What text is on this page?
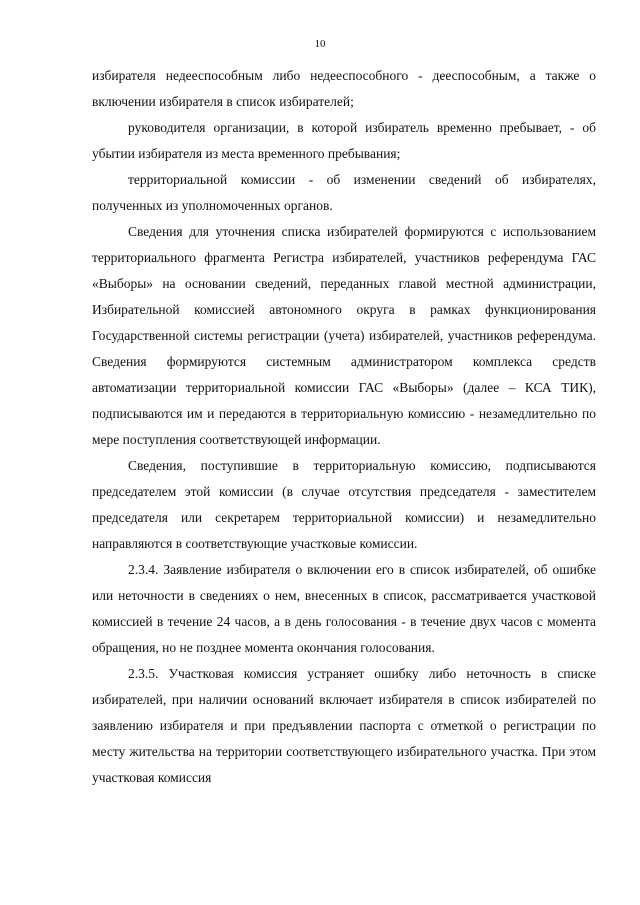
10

избирателя недееспособным либо недееспособного - дееспособным, а также о включении избирателя в список избирателей;

руководителя организации, в которой избиратель временно пребывает, - об убытии избирателя из места временного пребывания;

территориальной комиссии - об изменении сведений об избирателях, полученных из уполномоченных органов.

Сведения для уточнения списка избирателей формируются с использованием территориального фрагмента Регистра избирателей, участников референдума ГАС «Выборы» на основании сведений, переданных главой местной администрации, Избирательной комиссией автономного округа в рамках функционирования Государственной системы регистрации (учета) избирателей, участников референдума. Сведения формируются системным администратором комплекса средств автоматизации территориальной комиссии ГАС «Выборы» (далее – КСА ТИК), подписываются им и передаются в территориальную комиссию - незамедлительно по мере поступления соответствующей информации.

Сведения, поступившие в территориальную комиссию, подписываются председателем этой комиссии (в случае отсутствия председателя - заместителем председателя или секретарем территориальной комиссии) и незамедлительно направляются в соответствующие участковые комиссии.

2.3.4. Заявление избирателя о включении его в список избирателей, об ошибке или неточности в сведениях о нем, внесенных в список, рассматривается участковой комиссией в течение 24 часов, а в день голосования - в течение двух часов с момента обращения, но не позднее момента окончания голосования.

2.3.5. Участковая комиссия устраняет ошибку либо неточность в списке избирателей, при наличии оснований включает избирателя в список избирателей по заявлению избирателя и при предъявлении паспорта с отметкой о регистрации по месту жительства на территории соответствующего избирательного участка. При этом участковая комиссия
